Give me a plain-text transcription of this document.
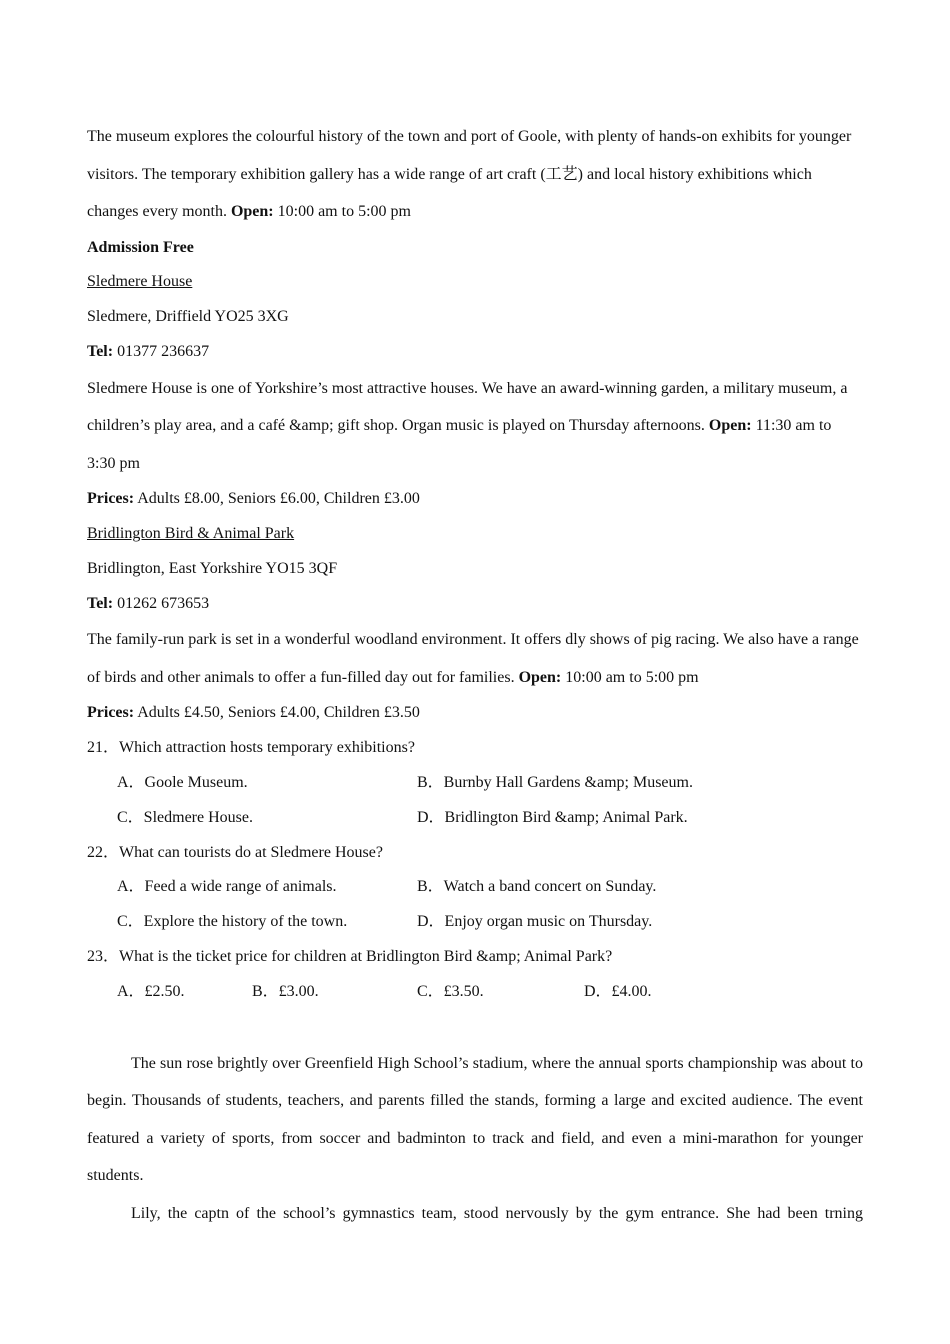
The museum explores the colourful history of the town and port of Goole, with plenty of hands-on exhibits for younger visitors. The temporary exhibition gallery has a wide range of art craft (工艺) and local history exhibitions which changes every month. Open: 10:00 am to 5:00 pm

Admission Free

Sledmere House

Sledmere, Driffield YO25 3XG

Tel: 01377 236637

Sledmere House is one of Yorkshire’s most attractive houses. We have an award-winning garden, a military museum, a children’s play area, and a café &amp; gift shop. Organ music is played on Thursday afternoons. Open: 11:30 am to 3:30 pm

Prices: Adults £8.00, Seniors £6.00, Children £3.00

Bridlington Bird & Animal Park

Bridlington, East Yorkshire YO15 3QF

Tel: 01262 673653

The family-run park is set in a wonderful woodland environment. It offers dly shows of pig racing. We also have a range of birds and other animals to offer a fun-filled day out for families. Open: 10:00 am to 5:00 pm

Prices: Adults £4.50, Seniors £4.00, Children £3.50

21．Which attraction hosts temporary exhibitions?

A．Goole Museum.	B．Burnby Hall Gardens &amp; Museum.
C．Sledmere House.	D．Bridlington Bird &amp; Animal Park.

22．What can tourists do at Sledmere House?

A．Feed a wide range of animals.	B．Watch a band concert on Sunday.
C．Explore the history of the town.	D．Enjoy organ music on Thursday.

23．What is the ticket price for children at Bridlington Bird &amp; Animal Park?

A．£2.50.	B．£3.00.	C．£3.50.	D．£4.00.

The sun rose brightly over Greenfield High School’s stadium, where the annual sports championship was about to begin. Thousands of students, teachers, and parents filled the stands, forming a large and excited audience. The event featured a variety of sports, from soccer and badminton to track and field, and even a mini-marathon for younger students.

Lily, the captn of the school’s gymnastics team, stood nervously by the gym entrance. She had been trning
